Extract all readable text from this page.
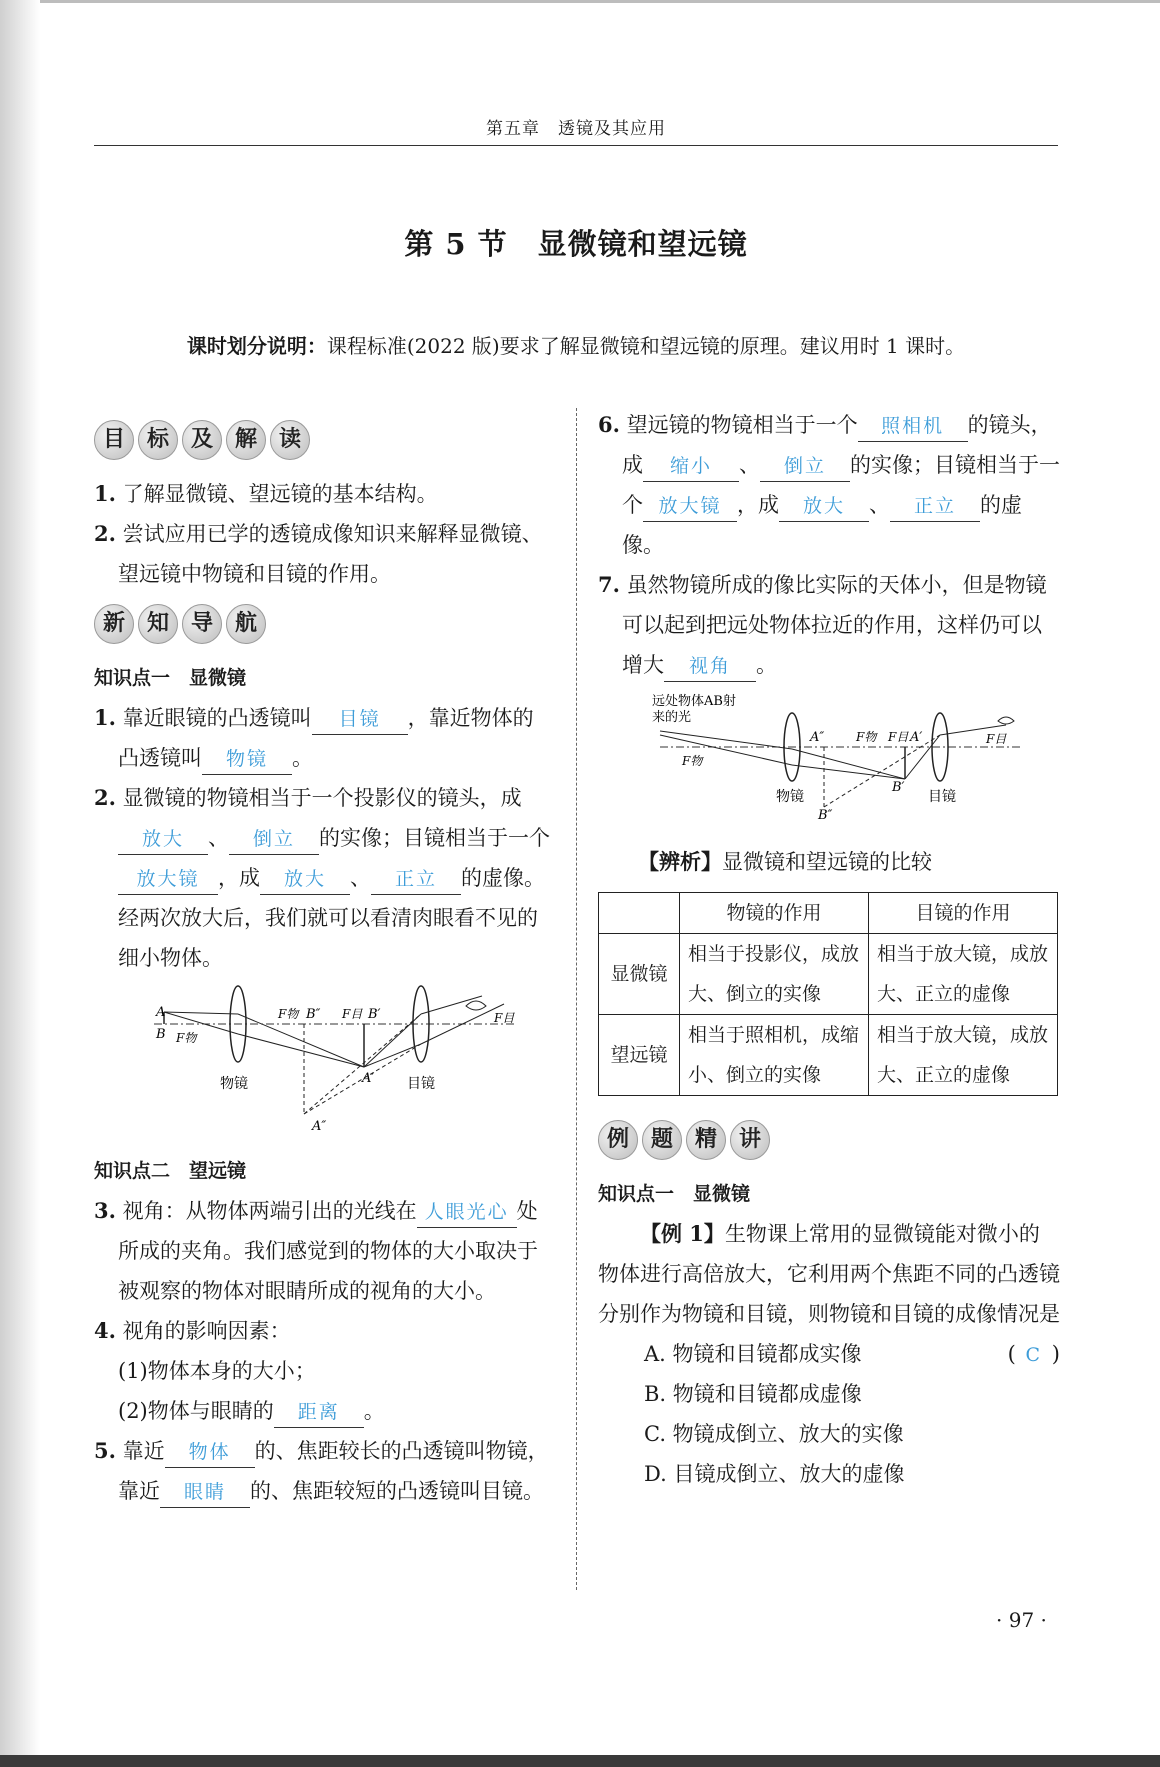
第五章　透镜及其应用
第 5 节　显微镜和望远镜
课时划分说明：课程标准(2022 版)要求了解显微镜和望远镜的原理。建议用时 1 课时。
目 标 及 解 读

1. 了解显微镜、望远镜的基本结构。

2. 尝试应用已学的透镜成像知识来解释显微镜、望远镜中物镜和目镜的作用。

新 知 导 航

知识点一　显微镜

1. 靠近眼镜的凸透镜叫 目镜 ，靠近物体的凸透镜叫 物镜 。

2. 显微镜的物镜相当于一个投影仪的镜头，成放大 、 倒立 的实像；目镜相当于一个放大镜 ，成 放大 、 正立 的虚像。经两次放大后，我们就可以看清肉眼看不见的细小物体。

A
B F物
F物 B″ F目 B′
A′
A″
物镜	目镜
F目

知识点二　望远镜

3. 视角：从物体两端引出的光线在 人眼光心 处所成的夹角。我们感觉到的物体的大小取决于被观察的物体对眼睛所成的视角的大小。

4. 视角的影响因素：

(1)物体本身的大小；

(2)物体与眼睛的 距离 。

5. 靠近 物体 的、焦距较长的凸透镜叫物镜，靠近 眼睛 的、焦距较短的凸透镜叫目镜。

6. 望远镜的物镜相当于一个 照相机 的镜头，成 缩小 、 倒立 的实像；目镜相当于一个 放大镜 ，成 放大 、 正立 的虚像。

7. 虽然物镜所成的像比实际的天体小，但是物镜可以起到把远处物体拉近的作用，这样仍可以增大 视角 。

远处物体AB射
来的光
F物
A″	F物 F目 A′
B′
B″
F目
物镜	目镜

【辨析】显微镜和望远镜的比较

	物镜的作用	目镜的作用
显微镜	相当于投影仪，成放大、倒立的实像	相当于放大镜，成放大、正立的虚像
望远镜	相当于照相机，成缩小、倒立的实像	相当于放大镜，成放大、正立的虚像
例 题 精 讲

知识点一　显微镜

【例 1】生物课上常用的显微镜能对微小的物体进行高倍放大，它利用两个焦距不同的凸透镜分别作为物镜和目镜，则物镜和目镜的成像情况是
( C )

A. 物镜和目镜都成实像

B. 物镜和目镜都成虚像

C. 物镜成倒立、放大的实像

D. 目镜成倒立、放大的虚像

· 97 ·
